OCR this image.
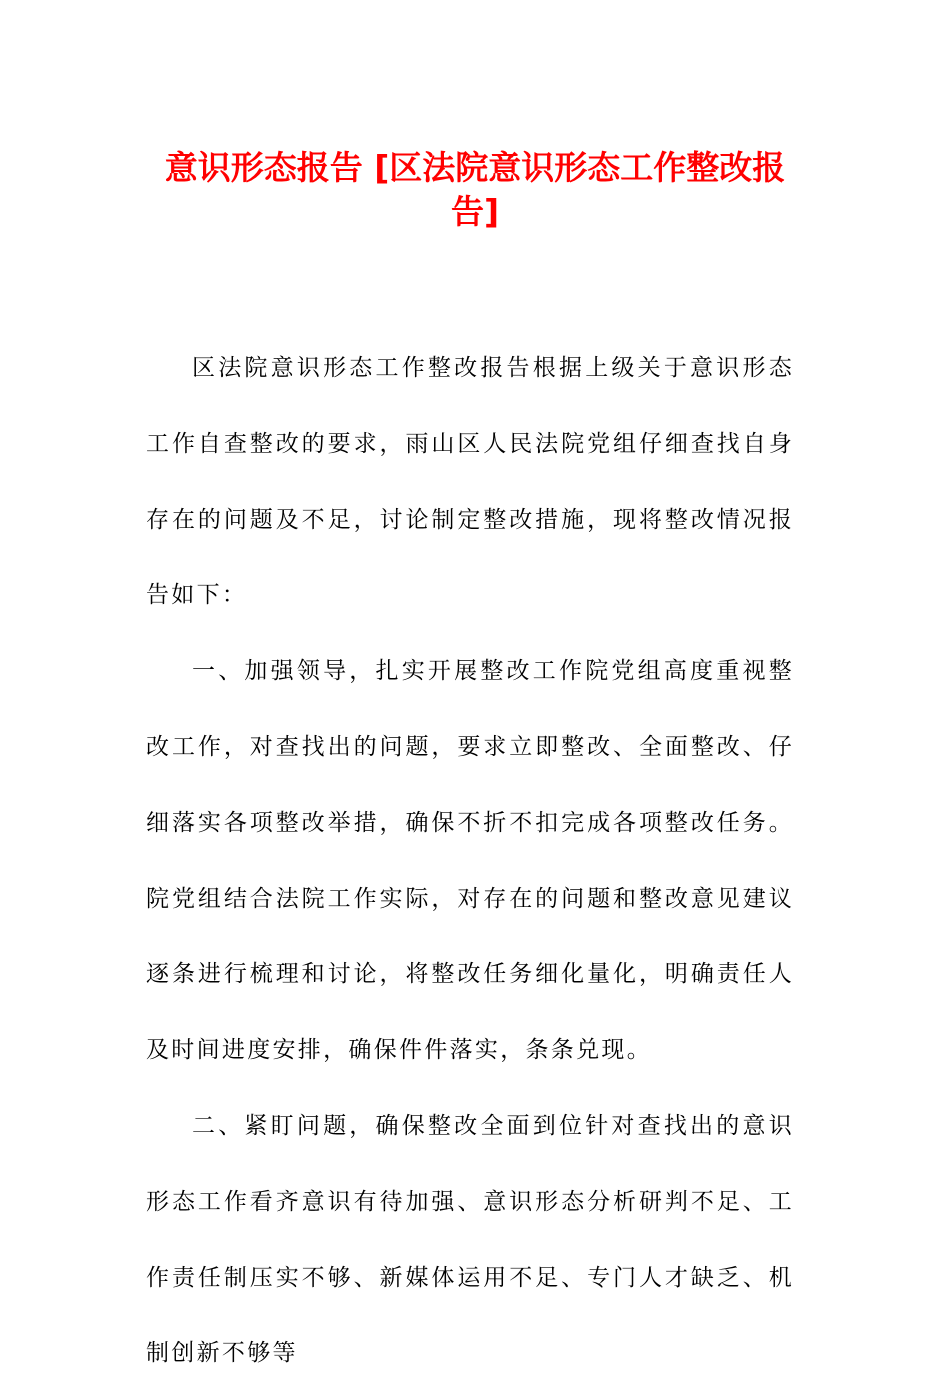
意识形态报告 [区法院意识形态工作整改报告]

区法院意识形态工作整改报告根据上级关于意识形态工作自查整改的要求，雨山区人民法院党组仔细查找自身存在的问题及不足，讨论制定整改措施，现将整改情况报告如下：

一、加强领导，扎实开展整改工作院党组高度重视整改工作，对查找出的问题，要求立即整改、全面整改、仔细落实各项整改举措，确保不折不扣完成各项整改任务。院党组结合法院工作实际，对存在的问题和整改意见建议逐条进行梳理和讨论，将整改任务细化量化，明确责任人及时间进度安排，确保件件落实，条条兑现。

二、紧盯问题，确保整改全面到位针对查找出的意识形态工作看齐意识有待加强、意识形态分析研判不足、工作责任制压实不够、新媒体运用不足、专门人才缺乏、机制创新不够等
